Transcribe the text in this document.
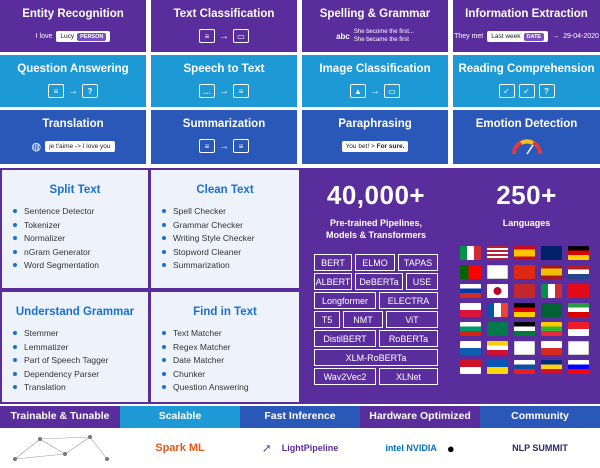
Entity Recognition
I love	Lucy PERSON
Text Classification
≡ →	▭
Spelling & Grammar
abc She become the first...
She became the first
Information Extraction
They met	Last week DATE	→ 29-04-2020
Question Answering
≡ →	?
Speech to Text
… →	≡
Image Classification
▲ →	▭
Reading Comprehension
✓	✓	?
Translation
◍	je t'aime -> I love you
Summarization
≡ →	≡
Paraphrasing
You bet! > For sure.
Emotion Detection
Split Text
Sentence Detector
Tokenizer
Normalizer
nGram Generator
Word Segmentation
Clean Text
Spell Checker
Grammar Checker
Writing Style Checker
Stopword Cleaner
Summarization
Understand Grammar
Stemmer
Lemmatizer
Part of Speech Tagger
Dependency Parser
Translation
Find in Text
Text Matcher
Regex Matcher
Date Matcher
Chunker
Question Answering
40,000+
Pre-trained Pipelines,
Models & Transformers
BERT	ELMO	TAPAS
ALBERT DeBERTa	USE
Longformer	ELECTRA
T5	NMT	ViT
DistilBERT	RoBERTa
XLM-RoBERTa
Wav2Vec2	XLNet
250+
Languages
Trainable & Tunable	Scalable
Spark ML
Fast Inference
➚ LightPipeline
Hardware Optimized
intel NVIDIA ●
Community
NLP SUMMIT
